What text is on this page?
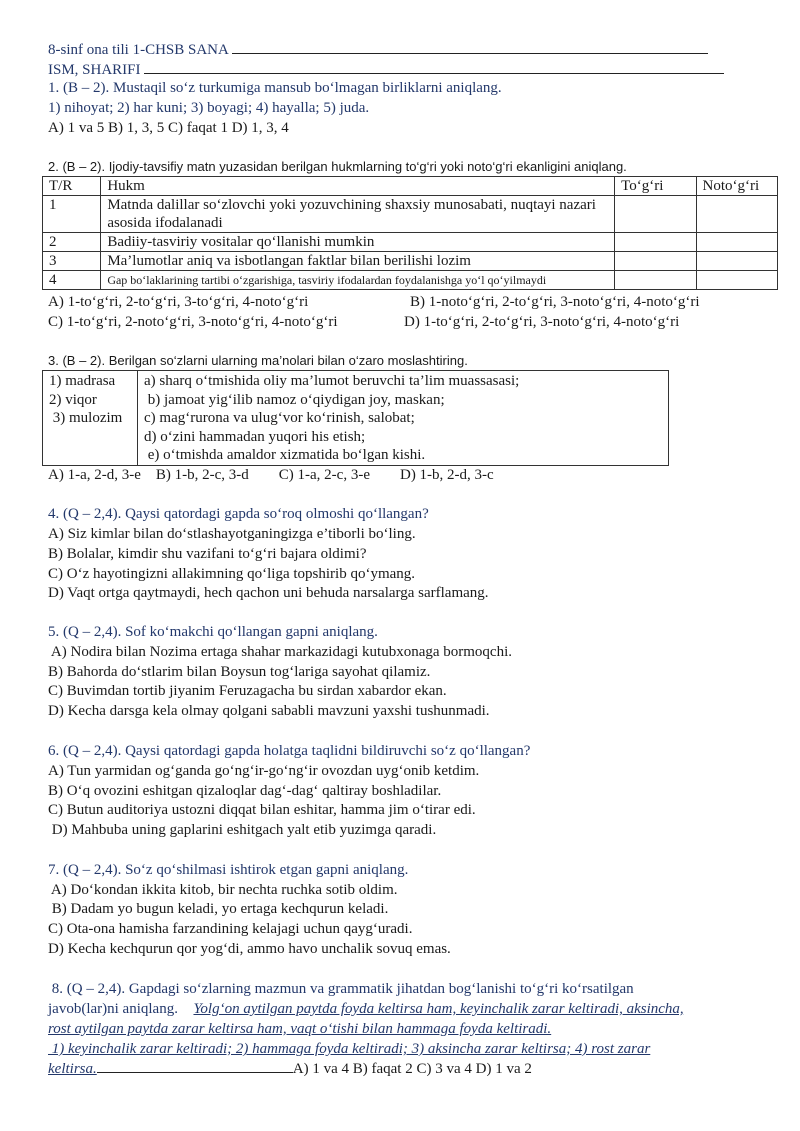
8-sinf ona tili 1-CHSB SANA
ISM, SHARIFI
1. (B – 2). Mustaqil so‘z turkumiga mansub bo‘lmagan birliklarni aniqlang.
1) nihoyat; 2) har kuni; 3) boyagi; 4) hayalla; 5) juda.
A) 1 va 5 B) 1, 3, 5 C) faqat 1 D) 1, 3, 4
2. (B – 2). Ijodiy-tavsifiy matn yuzasidan berilgan hukmlarning to‘g‘ri yoki noto‘g‘ri ekanligini aniqlang.
T/R	Hukm	To‘g‘ri	Noto‘g‘ri
1	Matnda dalillar so‘zlovchi yoki yozuvchining shaxsiy munosabati, nuqtayi nazari asosida ifodalanadi		
2	Badiiy-tasviriy vositalar qo‘llanishi mumkin		
3	Ma’lumotlar aniq va isbotlangan faktlar bilan berilishi lozim		
4	Gap bo‘laklarining tartibi o‘zgarishiga, tasviriy ifodalardan foydalanishga yo‘l qo‘yilmaydi		
A) 1-to‘g‘ri, 2-to‘g‘ri, 3-to‘g‘ri, 4-noto‘g‘ri	B) 1-noto‘g‘ri, 2-to‘g‘ri, 3-noto‘g‘ri, 4-noto‘g‘ri
C) 1-to‘g‘ri, 2-noto‘g‘ri, 3-noto‘g‘ri, 4-noto‘g‘ri	D) 1-to‘g‘ri, 2-to‘g‘ri, 3-noto‘g‘ri, 4-noto‘g‘ri
3. (B – 2). Berilgan so‘zlarni ularning ma’nolari bilan o‘zaro moslashtiring.
1) madrasa
2) viqor
3) mulozim

a) sharq o‘tmishida oliy ma’lumot beruvchi ta’lim muassasasi;
b) jamoat yig‘ilib namoz o‘qiydigan joy, maskan;
c) mag‘rurona va ulug‘vor ko‘rinish, salobat;
d) o‘zini hammadan yuqori his etish;
e) o‘tmishda amaldor xizmatida bo‘lgan kishi.
A) 1-a, 2-d, 3-e    B) 1-b, 2-c, 3-d        C) 1-a, 2-c, 3-e        D) 1-b, 2-d, 3-c
4. (Q – 2,4). Qaysi qatordagi gapda so‘roq olmoshi qo‘llangan?
A) Siz kimlar bilan do‘stlashayotganingizga e’tiborli bo‘ling.
B) Bolalar, kimdir shu vazifani to‘g‘ri bajara oldimi?
C) O‘z hayotingizni allakimning qo‘liga topshirib qo‘ymang.
D) Vaqt ortga qaytmaydi, hech qachon uni behuda narsalarga sarflamang.
5. (Q – 2,4). Sof ko‘makchi qo‘llangan gapni aniqlang.
A) Nodira bilan Nozima ertaga shahar markazidagi kutubxonaga bormoqchi.
B) Bahorda do‘stlarim bilan Boysun tog‘lariga sayohat qilamiz.
C) Buvimdan tortib jiyanim Feruzagacha bu sirdan xabardor ekan.
D) Kecha darsga kela olmay qolgani sababli mavzuni yaxshi tushunmadi.
6. (Q – 2,4). Qaysi qatordagi gapda holatga taqlidni bildiruvchi so‘z qo‘llangan?
A) Tun yarmidan og‘ganda go‘ng‘ir-go‘ng‘ir ovozdan uyg‘onib ketdim.
B) O‘q ovozini eshitgan qizaloqlar dag‘-dag‘ qaltiray boshladilar.
C) Butun auditoriya ustozni diqqat bilan eshitar, hamma jim o‘tirar edi.
D) Mahbuba uning gaplarini eshitgach yalt etib yuzimga qaradi.
7. (Q – 2,4). So‘z qo‘shilmasi ishtirok etgan gapni aniqlang.
A) Do‘kondan ikkita kitob, bir nechta ruchka sotib oldim.
B) Dadam yo bugun keladi, yo ertaga kechqurun keladi.
C) Ota-ona hamisha farzandining kelajagi uchun qayg‘uradi.
D) Kecha kechqurun qor yog‘di, ammo havo unchalik sovuq emas.
8. (Q – 2,4). Gapdagi so‘zlarning mazmun va grammatik jihatdan bog‘lanishi to‘g‘ri ko‘rsatilgan
javob(lar)ni aniqlang. Yolg‘on aytilgan paytda foyda keltirsa ham, keyinchalik zarar keltiradi, aksincha,
rost aytilgan paytda zarar keltirsa ham, vaqt o‘tishi bilan hammaga foyda keltiradi.
1) keyinchalik zarar keltiradi; 2) hammaga foyda keltiradi; 3) aksincha zarar keltirsa; 4) rost zarar
keltirsa.	A) 1 va 4 B) faqat 2 C) 3 va 4 D) 1 va 2
